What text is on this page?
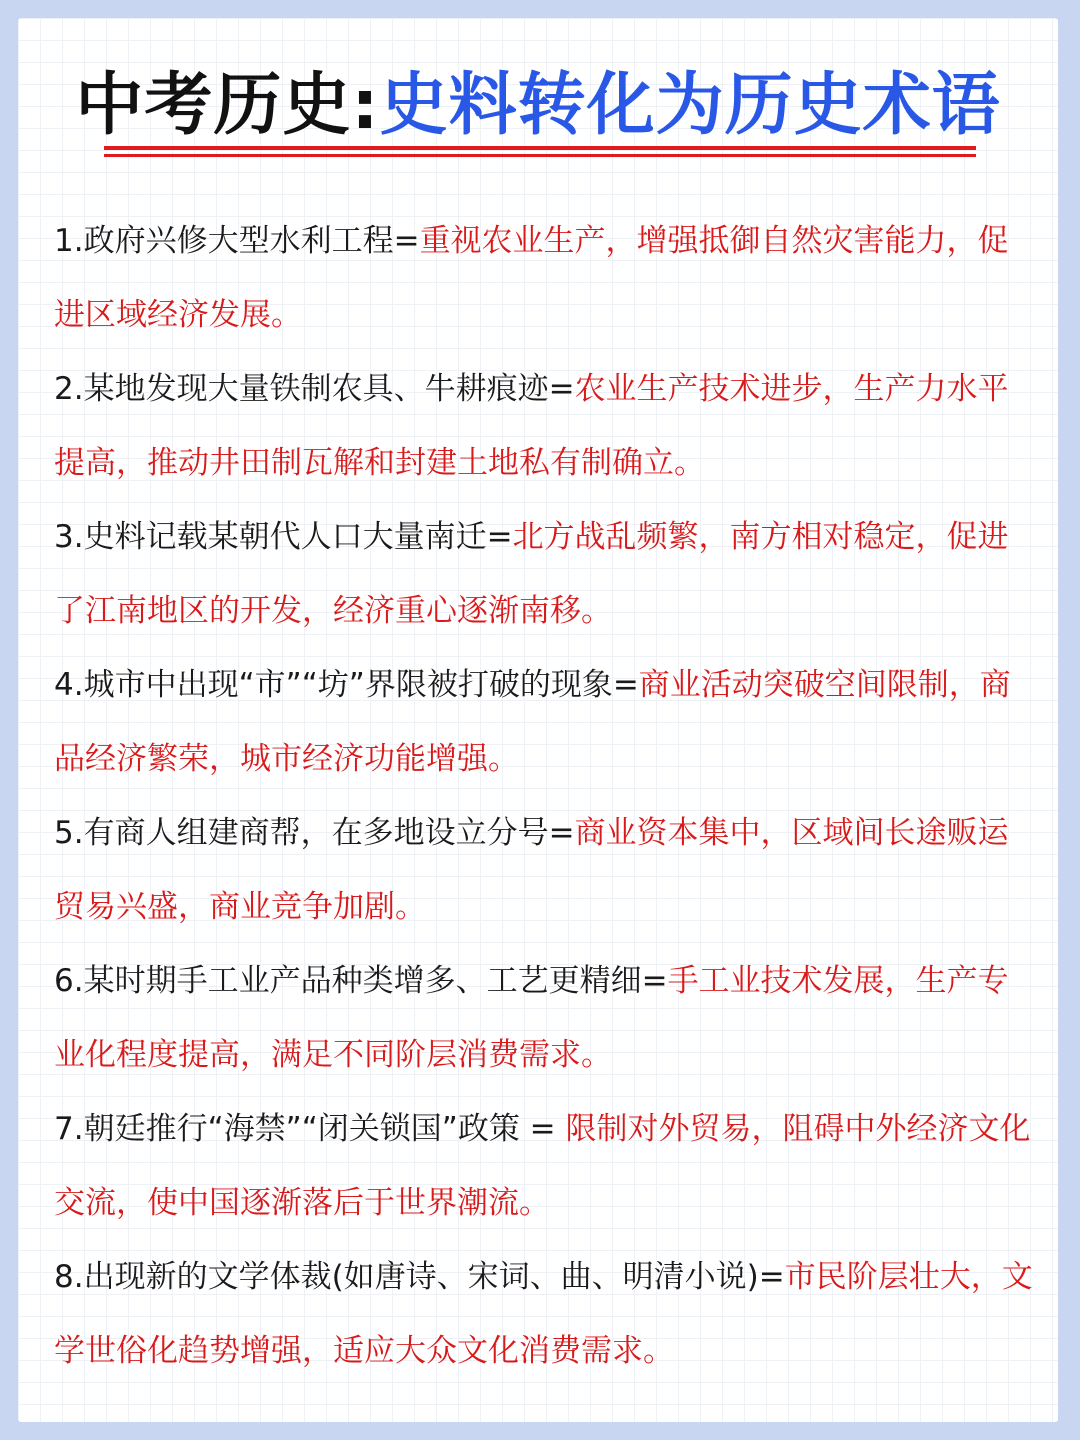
中考历史:史料转化为历史术语

1.政府兴修大型水利工程=重视农业生产，增强抵御自然灾害能力，促进区域经济发展。

2.某地发现大量铁制农具、牛耕痕迹=农业生产技术进步，生产力水平提高，推动井田制瓦解和封建土地私有制确立。

3.史料记载某朝代人口大量南迁=北方战乱频繁，南方相对稳定，促进了江南地区的开发，经济重心逐渐南移。

4.城市中出现“市”“坊”界限被打破的现象=商业活动突破空间限制，商品经济繁荣，城市经济功能增强。

5.有商人组建商帮，在多地设立分号=商业资本集中，区域间长途贩运贸易兴盛，商业竞争加剧。

6.某时期手工业产品种类增多、工艺更精细=手工业技术发展，生产专业化程度提高，满足不同阶层消费需求。

7.朝廷推行“海禁”“闭关锁国”政策 = 限制对外贸易，阻碍中外经济文化交流，使中国逐渐落后于世界潮流。

8.出现新的文学体裁(如唐诗、宋词、曲、明清小说)=市民阶层壮大，文学世俗化趋势增强，适应大众文化消费需求。
